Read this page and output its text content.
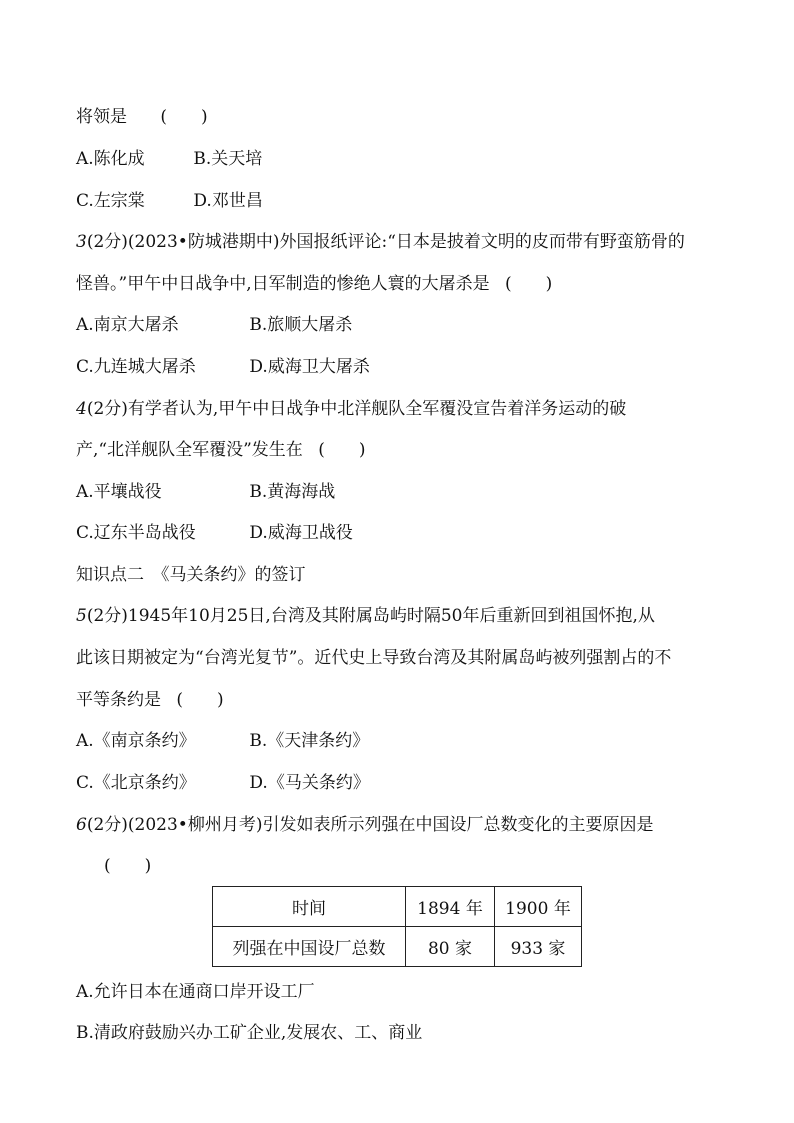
将领是 (　　)
A.陈化成	B.关天培
C.左宗棠	D.邓世昌
3(2分)(2023•防城港期中)外国报纸评论:“日本是披着文明的皮而带有野蛮筋骨的
怪兽。”甲午中日战争中,日军制造的惨绝人寰的大屠杀是 (　　)
A.南京大屠杀	B.旅顺大屠杀
C.九连城大屠杀	D.威海卫大屠杀
4(2分)有学者认为,甲午中日战争中北洋舰队全军覆没宣告着洋务运动的破
产,“北洋舰队全军覆没”发生在 (　　)
A.平壤战役	B.黄海海战
C.辽东半岛战役	D.威海卫战役
知识点二　《马关条约》的签订
5(2分)1945年10月25日,台湾及其附属岛屿时隔50年后重新回到祖国怀抱,从
此该日期被定为“台湾光复节”。近代史上导致台湾及其附属岛屿被列强割占的不
平等条约是 (　　)
A.《南京条约》	B.《天津条约》
C.《北京条约》	D.《马关条约》
6(2分)(2023•柳州月考)引发如表所示列强在中国设厂总数变化的主要原因是
(　　)
时间	1894 年	1900 年
列强在中国设厂总数	80 家	933 家
A.允许日本在通商口岸开设工厂
B.清政府鼓励兴办工矿企业,发展农、工、商业
